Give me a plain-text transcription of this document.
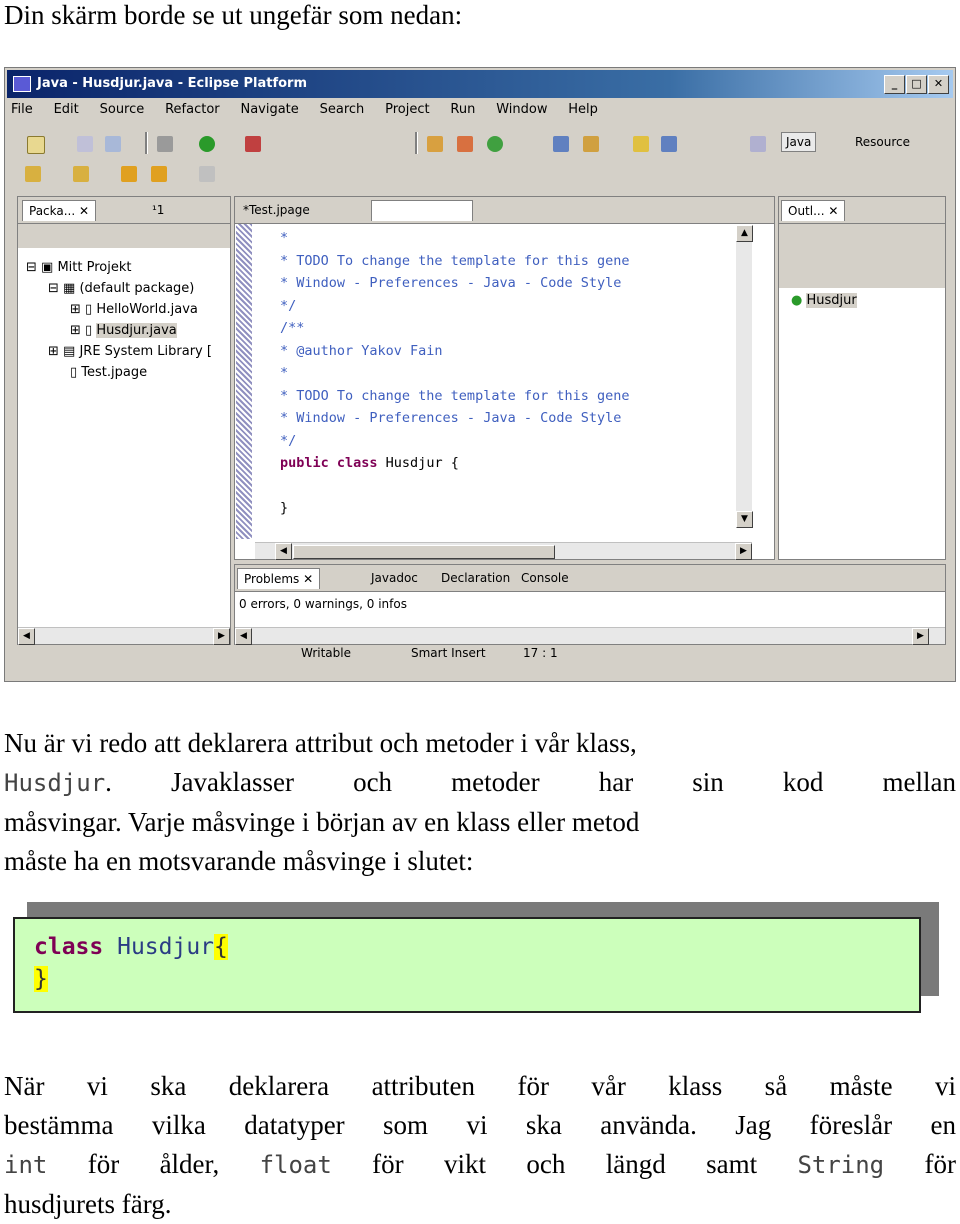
Din skärm borde se ut ungefär som nedan:
Java - Husdjur.java - Eclipse Platform	_	□	✕
File Edit Source Refactor Navigate Search Project Run Window Help
Java	Resource
Packa... ✕	¹1
⊟ ▣ Mitt Projekt
⊟ ▦ (default package)
⊞ ▯ HelloWorld.java
⊞ ▯ Husdjur.java
⊞ ▤ JRE System Library [
▯ Test.jpage
◀	▶
*Test.jpage	Husdjur.java ✕
*
* TODO To change the template for this gene
* Window - Preferences - Java - Code Style
*/
/**
* @author Yakov Fain
*
* TODO To change the template for this gene
* Window - Preferences - Java - Code Style
*/
public class Husdjur {

}
▲
▼
◀	▶
Outl... ✕
● Husdjur
Problems ✕	Javadoc	Declaration Console
0 errors, 0 warnings, 0 infos
◀	▶
Writable	Smart Insert	17 : 1
Nu är vi redo att deklarera attribut och metoder i vår klass,
Husdjur. Javaklasser och metoder har sin kod mellan
måsvingar. Varje måsvinge i början av en klass eller metod
måste ha en motsvarande måsvinge i slutet:
class Husdjur{
}
När vi ska deklarera attributen för vår klass så måste vi
bestämma vilka datatyper som vi ska använda. Jag föreslår en
int för ålder, float för vikt och längd samt String för
husdjurets färg.
